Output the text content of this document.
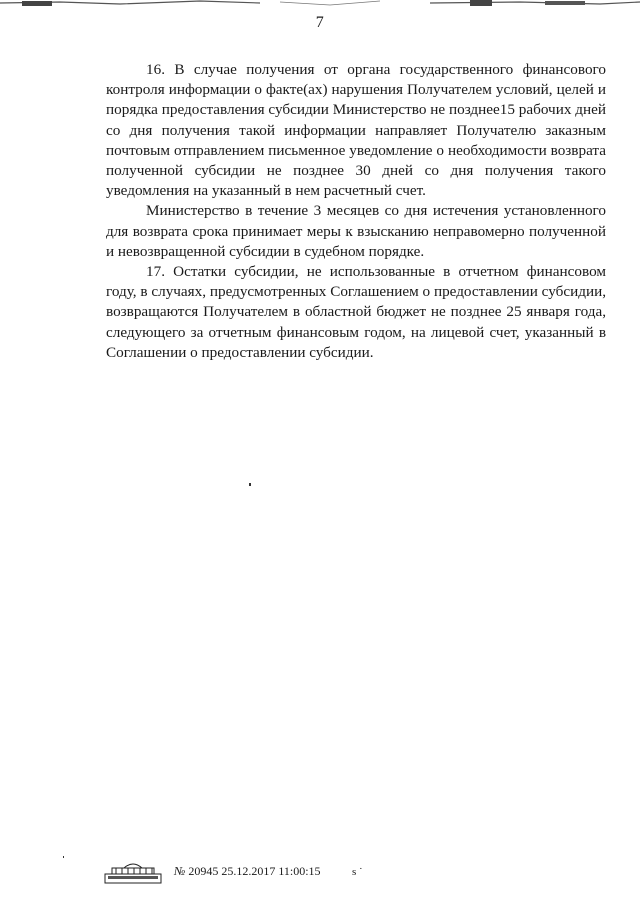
7

16. В случае получения от органа государственного финансового контроля информации о факте(ах) нарушения Получателем условий, целей и порядка предоставления субсидии Министерство не позднее15 рабочих дней со дня получения такой информации направляет Получателю заказным почтовым отправлением письменное уведомление о необходимости возврата полученной субсидии не позднее 30 дней со дня получения такого уведомления на указанный в нем расчетный счет.

Министерство в течение 3 месяцев со дня истечения установленного для возврата срока принимает меры к взысканию неправомерно полученной и невозвращенной субсидии в судебном порядке.

17. Остатки субсидии, не использованные в отчетном финансовом году, в случаях, предусмотренных Соглашением о предоставлении субсидии, возвращаются Получателем в областной бюджет не позднее 25 января года, следующего за отчетным финансовым годом, на лицевой счет, указанный в Соглашении о предоставлении субсидии.

№ 20945 25.12.2017 11:00:15	s ˙
